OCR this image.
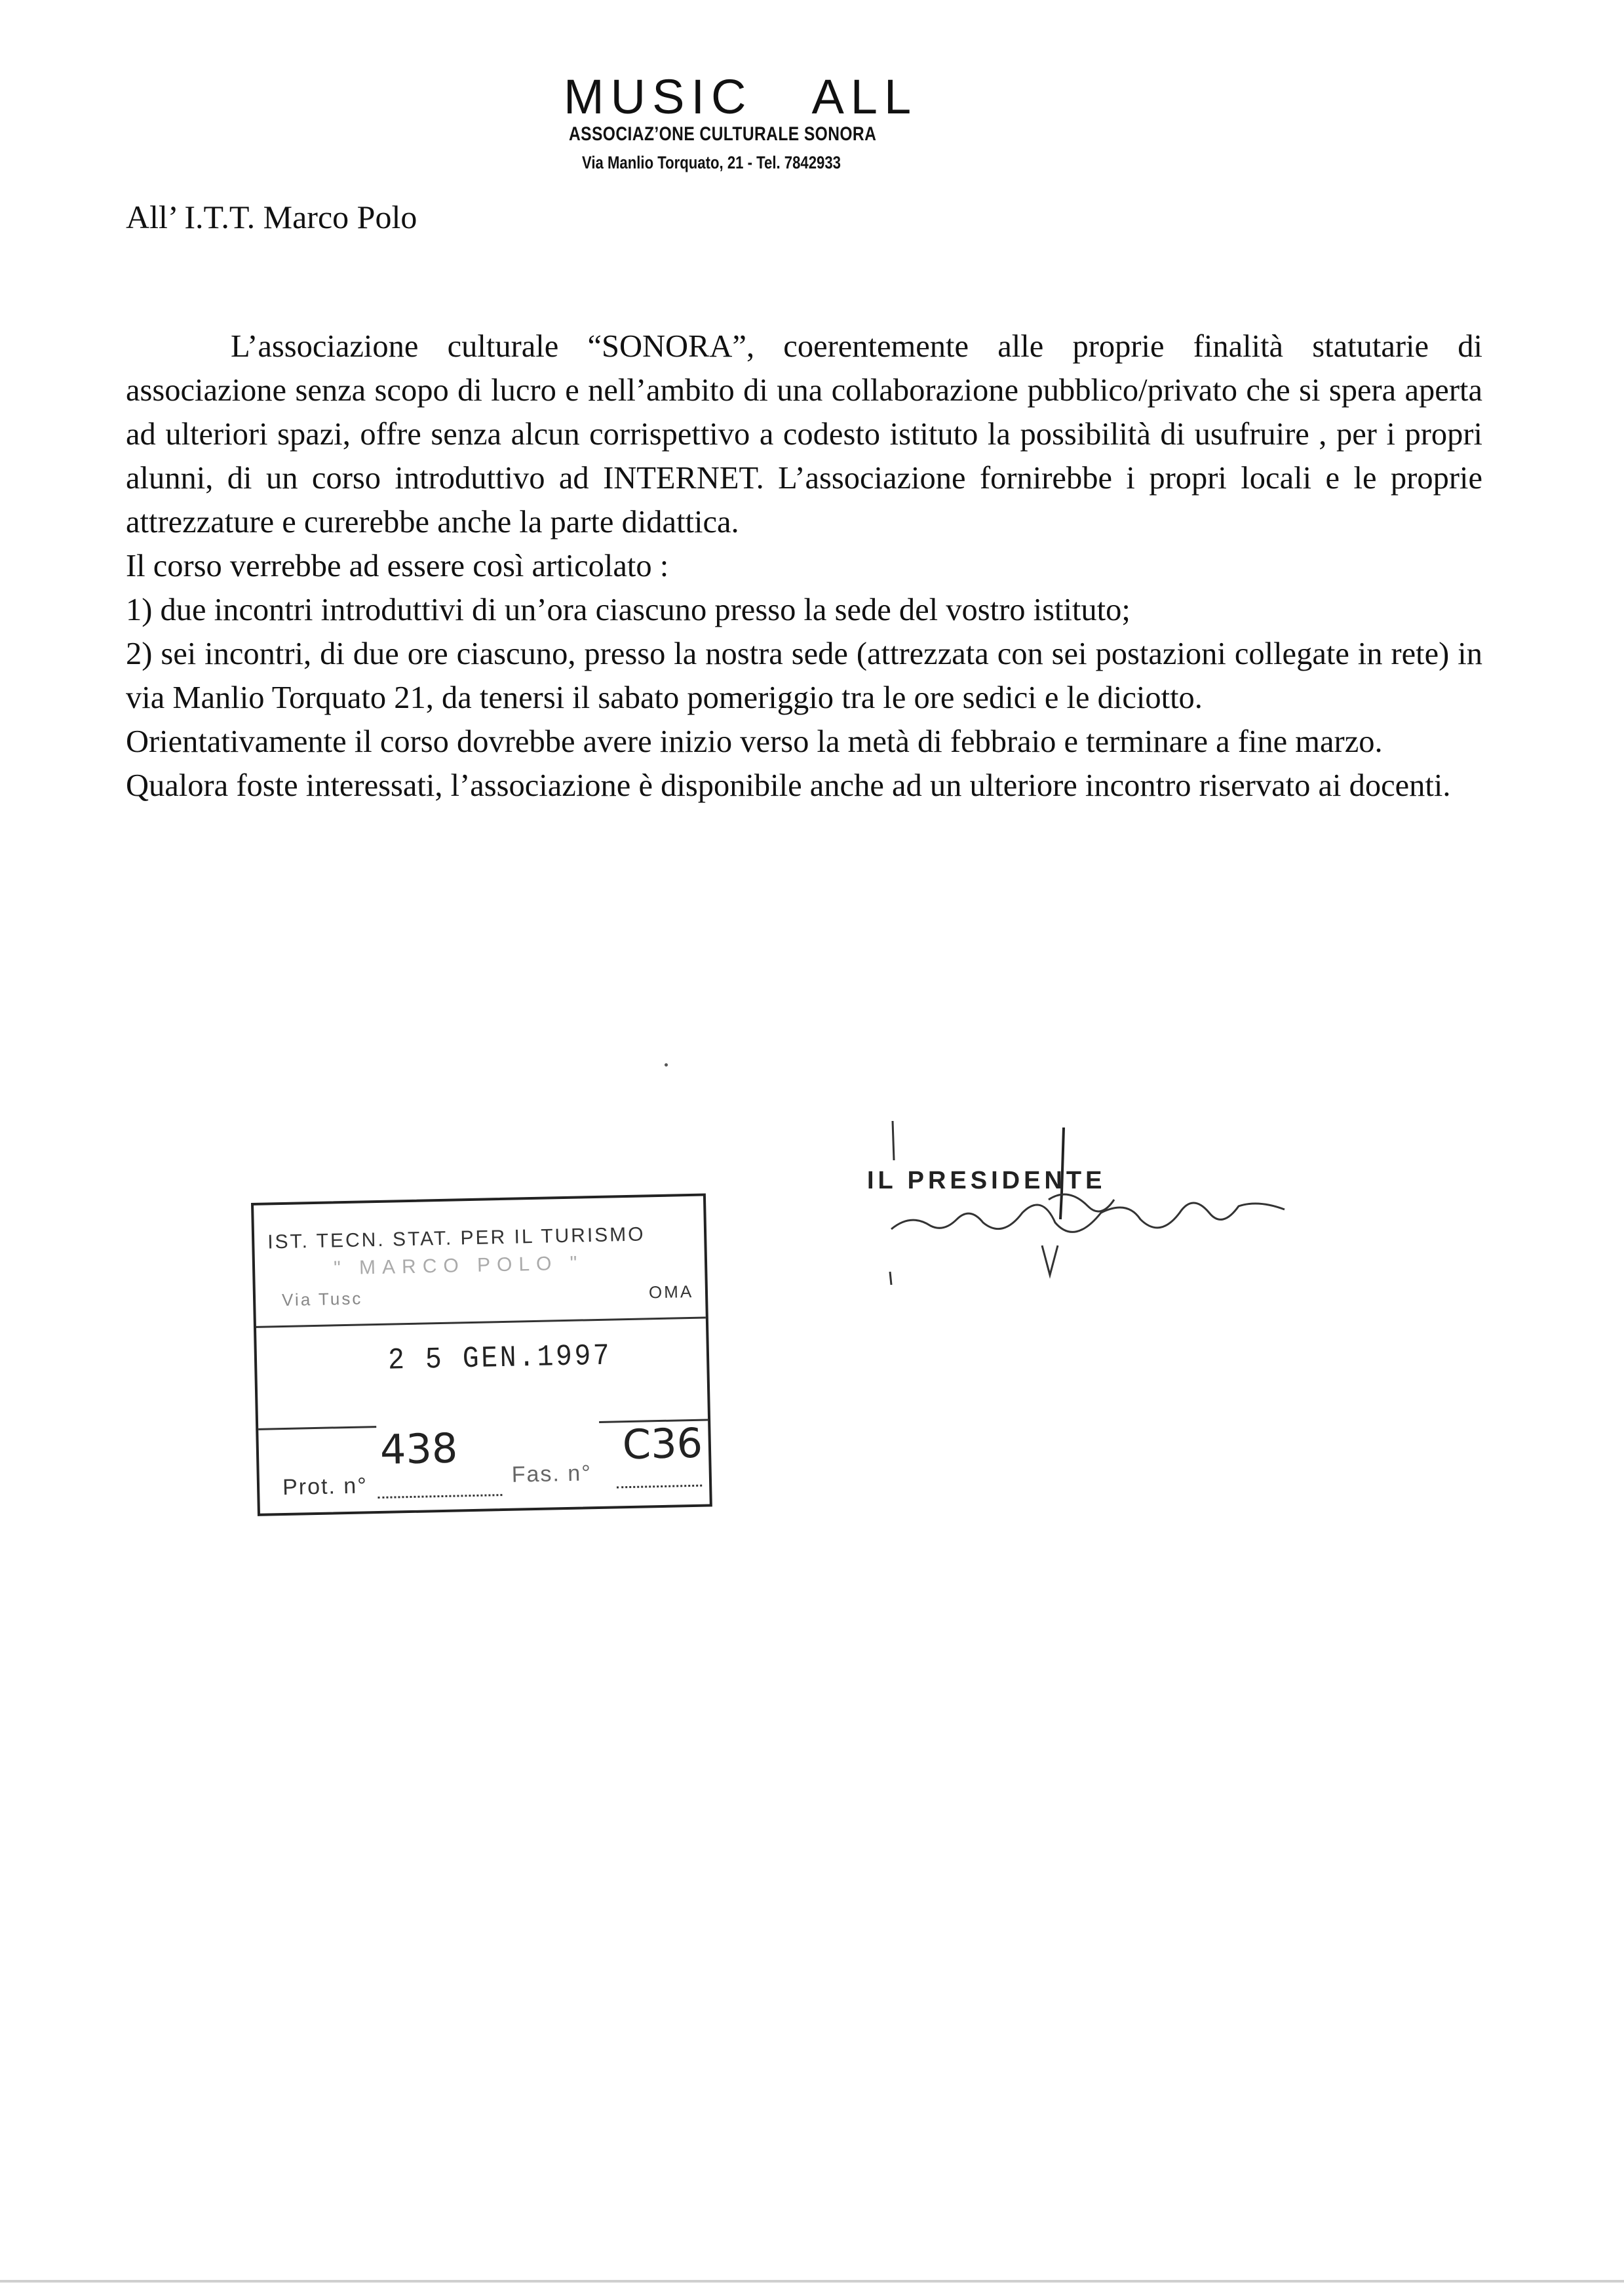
MUSIC ALL
ASSOCIAZ’ONE CULTURALE SONORA
Via Manlio Torquato, 21 - Tel. 7842933
All’ I.T.T. Marco Polo

L’associazione culturale “SONORA”, coerentemente alle proprie finalità statutarie di associazione senza scopo di lucro e nell’ambito di una collaborazione pubblico/privato che si spera aperta ad ulteriori spazi, offre senza alcun corrispettivo a codesto istituto la possibilità di usufruire , per i propri alunni, di un corso introduttivo ad INTERNET. L’associazione fornirebbe i propri locali e le proprie attrezzature e curerebbe anche la parte didattica.

Il corso verrebbe ad essere così articolato :

1) due incontri introduttivi di un’ora ciascuno presso la sede del vostro istituto;

2) sei incontri, di due ore ciascuno, presso la nostra sede (attrezzata con sei postazioni collegate in rete) in via Manlio Torquato 21, da tenersi il sabato pomeriggio tra le ore sedici e le diciotto.

Orientativamente il corso dovrebbe avere inizio verso la metà di febbraio e terminare a fine marzo.

Qualora foste interessati, l’associazione è disponibile anche ad un ulteriore incontro riservato ai docenti.

IL PRESIDENTE
IST. TECN. STAT. PER IL TURISMO
" MARCO POLO "
Via Tusc	OMA
2 5 GEN.1997
Prot. n°
438
Fas. n°
C36
